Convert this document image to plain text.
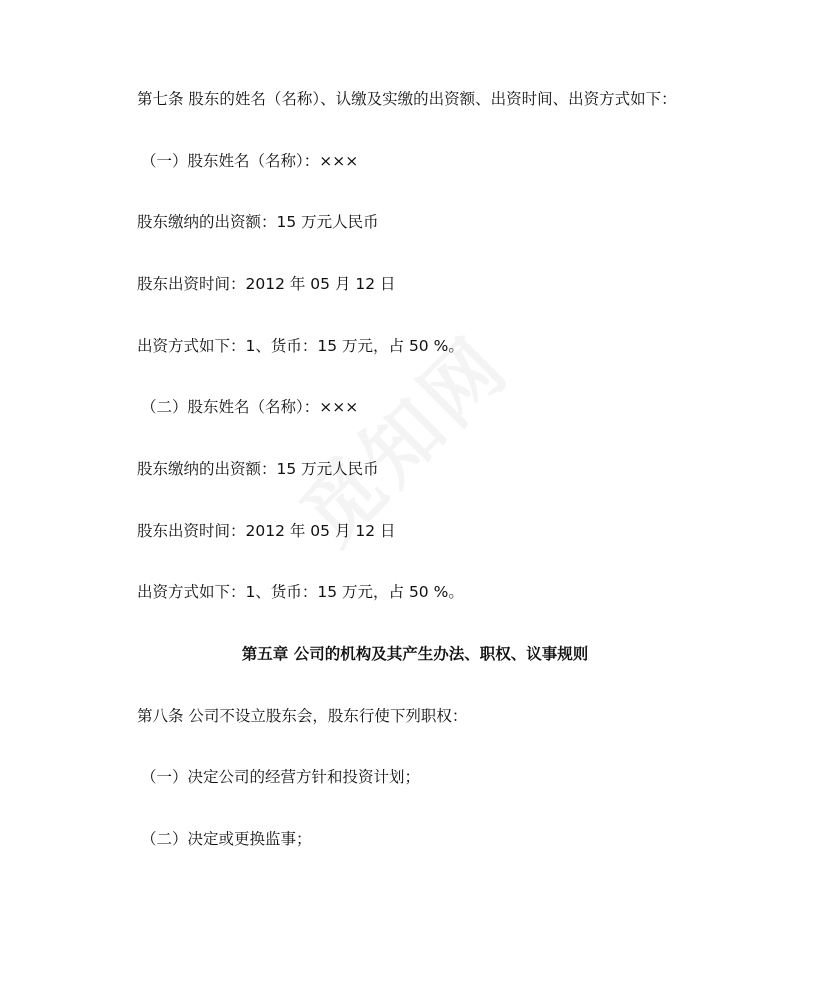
第七条 股东的姓名（名称）、认缴及实缴的出资额、出资时间、出资方式如下：
（一）股东姓名（名称）：×××
股东缴纳的出资额：15 万元人民币
股东出资时间：2012 年 05 月 12 日
出资方式如下：1、货币：15 万元，占 50 %。
（二）股东姓名（名称）：×××
股东缴纳的出资额：15 万元人民币
股东出资时间：2012 年 05 月 12 日
出资方式如下：1、货币：15 万元，占 50 %。
第五章 公司的机构及其产生办法、职权、议事规则
第八条 公司不设立股东会，股东行使下列职权：
（一）决定公司的经营方针和投资计划；
（二）决定或更换监事；
